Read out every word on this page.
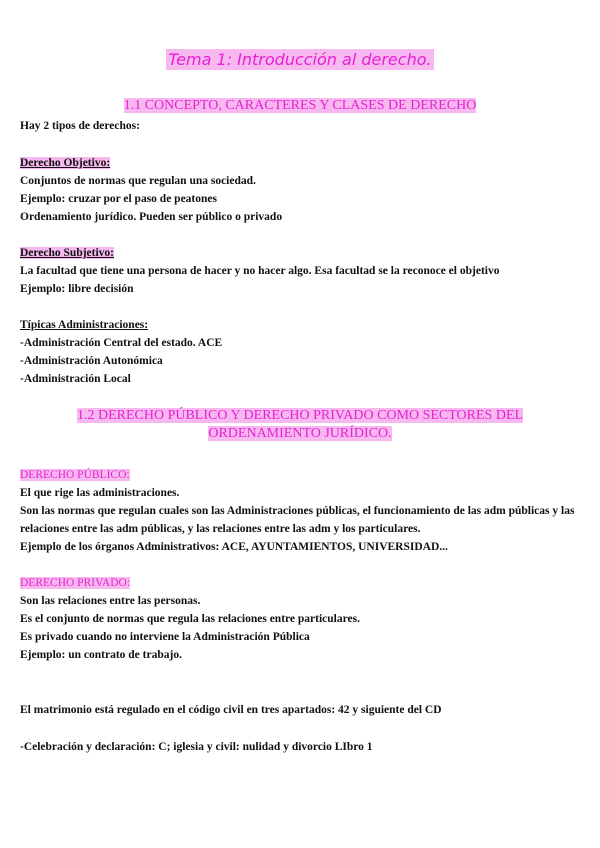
Tema 1: Introducción al derecho.
1.1 CONCEPTO, CARACTERES Y CLASES DE DERECHO
Hay 2 tipos de derechos:
Derecho Objetivo:
Conjuntos de normas que regulan una sociedad.
Ejemplo: cruzar por el paso de peatones
Ordenamiento jurídico. Pueden ser público o privado
Derecho Subjetivo:
La facultad que tiene una persona de hacer y no hacer algo. Esa facultad se la reconoce el objetivo
Ejemplo: libre decisión
Típicas Administraciones:
-Administración Central del estado. ACE
-Administración Autonómica
-Administración Local
1.2 DERECHO PÚBLICO Y DERECHO PRIVADO COMO SECTORES DEL ORDENAMIENTO JURÍDICO.
DERECHO PÚBLICO:
El que rige las administraciones.
Son las normas que regulan cuales son las Administraciones públicas, el funcionamiento de las adm públicas y las relaciones entre las adm públicas, y las relaciones entre las adm y los particulares.
Ejemplo de los órganos Administrativos: ACE, AYUNTAMIENTOS, UNIVERSIDAD...
DERECHO PRIVADO:
Son las relaciones entre las personas.
Es el conjunto de normas que regula las relaciones entre particulares.
Es privado cuando no interviene la Administración Pública
Ejemplo: un contrato de trabajo.
El matrimonio está regulado en el código civil en tres apartados: 42 y siguiente del CD
-Celebración y declaración: C; iglesia y civil: nulidad y divorcio LIbro 1
